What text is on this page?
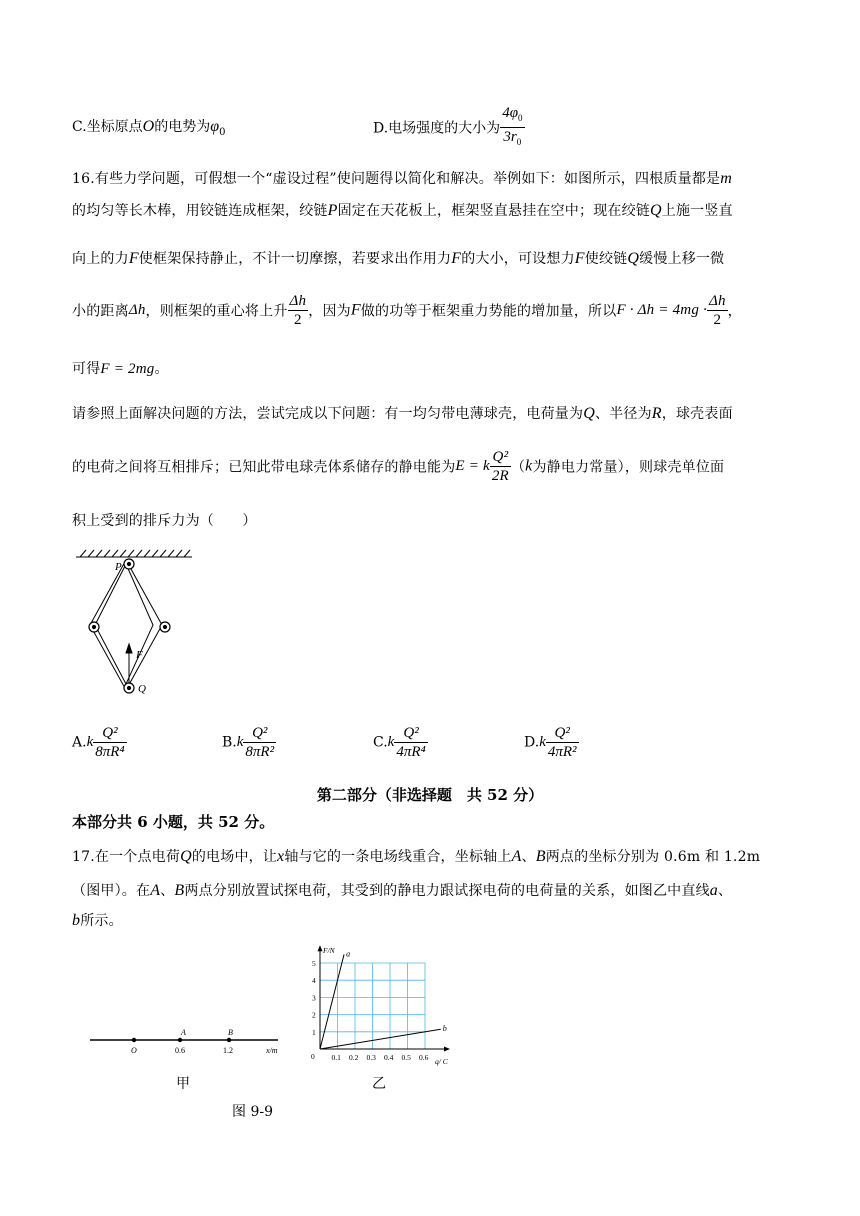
C.坐标原点O的电势为$\varphi_0$	D.电场强度的大小为 $\frac{4\varphi_0}{3r_0}$
16.有些力学问题，可假想一个“虚设过程”使问题得以简化和解决。举例如下：如图所示，四根质量都是m
的均匀等长木棒，用铰链连成框架，绞链P固定在天花板上，框架竖直悬挂在空中；现在绞链Q上施一竖直
向上的力F使框架保持静止，不计一切摩擦，若要求出作用力F的大小，可设想力F使绞链Q缓慢上移一微
小的距离Δh，则框架的重心将上升 $\frac{\Delta h}{2}$ ，因为F做的功等于框架重力势能的增加量，所以$F \cdot \Delta h = 4mg \cdot \frac{\Delta h}{2}$ ，
可得F = 2mg。
请参照上面解决问题的方法，尝试完成以下问题：有一均匀带电薄球壳，电荷量为Q、半径为R，球壳表面
的电荷之间将互相排斥；已知此带电球壳体系储存的静电能为E = k $\frac{\text{Q²}}{2R} (k$为静电力常量），则球壳单位面
积上受到的排斥力为（　　）
P
F
Q
$A.k \frac{\text{Q²}}{\text{8πR⁴}}$	$B.k \frac{\text{Q²}}{\text{8πR²}}$	$C.k \frac{\text{Q²}}{\text{4πR⁴}}$	$D.k \frac{\text{Q²}}{\text{4πR²}}$
第二部分（非选择题　共 52 分）
本部分共 6 小题，共 52 分。
17.在一个点电荷Q的电场中，让x轴与它的一条电场线重合，坐标轴上A、B两点的坐标分别为 0.6m 和 1.2m
（图甲）。在A、B两点分别放置试探电荷，其受到的静电力跟试探电荷的电荷量的关系，如图乙中直线a、
b所示。
A	B
O	0.6	1.2	x/m
甲
0.1 0.2 0.3 0.4 0.5 0.6
1
2
3
4
5
0
F/N
q/ C
a
b
乙
图 9-9
